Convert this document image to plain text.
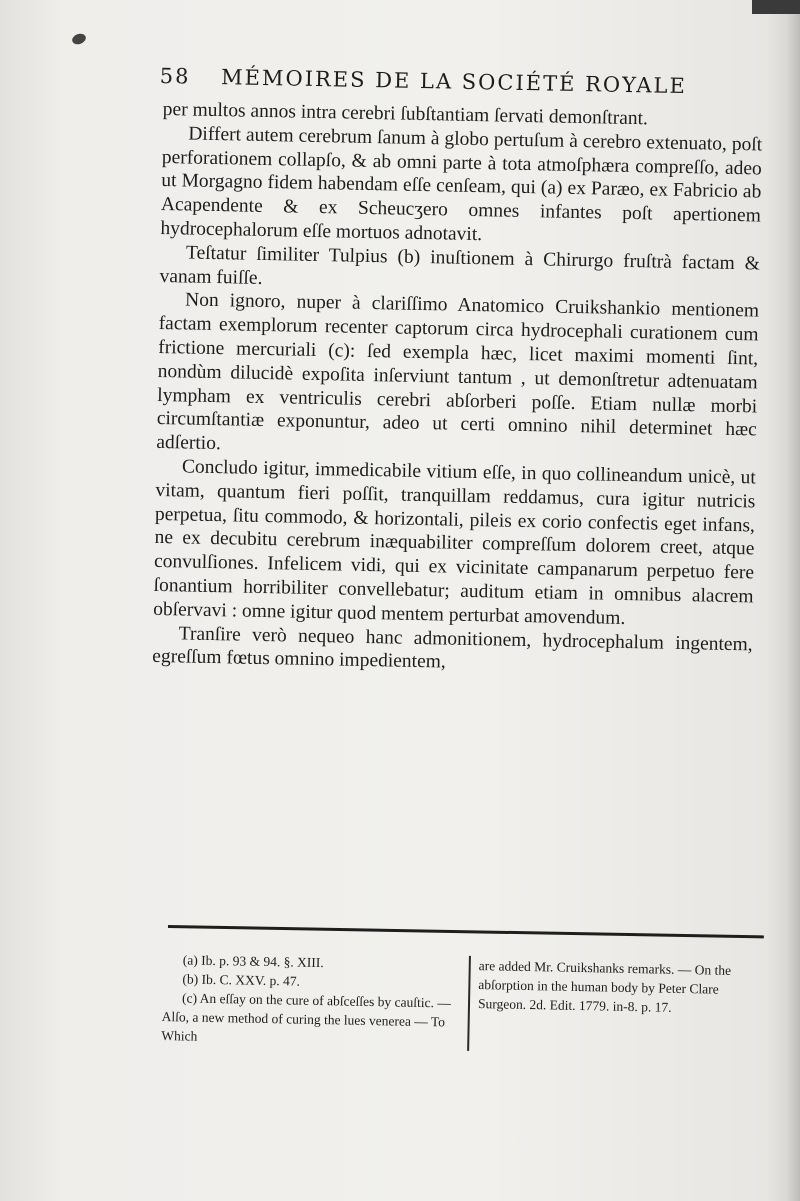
58 MÉMOIRES DE LA SOCIÉTÉ ROYALE

per multos annos intra cerebri ſubſtantiam ſervati demonſtrant.

Differt autem cerebrum ſanum à globo pertuſum à cerebro extenuato, poſt perforationem collapſo, & ab omni parte à tota atmoſphæra compreſſo, adeo ut Morgagno fidem habendam eſſe cenſeam, qui (a) ex Paræo, ex Fabricio ab Acapendente & ex Scheucʒero omnes infantes poſt apertionem hydrocephalorum eſſe mortuos adnotavit.

Teſtatur ſimiliter Tulpius (b) inuſtionem à Chirurgo fruſtrà factam & vanam fuiſſe.

Non ignoro, nuper à clariſſimo Anatomico Cruikshankio mentionem factam exemplorum recenter captorum circa hydrocephali curationem cum frictione mercuriali (c): ſed exempla hæc, licet maximi momenti ſint, nondùm dilucidè expoſita inſerviunt tantum , ut demonſtretur adtenuatam lympham ex ventriculis cerebri abſorberi poſſe. Etiam nullæ morbi circumſtantiæ exponuntur, adeo ut certi omnino nihil determinet hæc adſertio.

Concludo igitur, immedicabile vitium eſſe, in quo collineandum unicè, ut vitam, quantum fieri poſſit, tranquillam reddamus, cura igitur nutricis perpetua, ſitu commodo, & horizontali, pileis ex corio confectis eget infans, ne ex decubitu cerebrum inæquabiliter compreſſum dolorem creet, atque convulſiones. Infelicem vidi, qui ex vicinitate campanarum perpetuo fere ſonantium horribiliter convellebatur; auditum etiam in omnibus alacrem obſervavi : omne igitur quod mentem perturbat amovendum.

Tranſire verò nequeo hanc admonitionem, hydrocephalum ingentem, egreſſum fœtus omnino impedientem,

(a) Ib. p. 93 & 94. §. XIII.

(b) Ib. C. XXV. p. 47.

(c) An eſſay on the cure of abſceſſes by cauſtic. — Alſo, a new method of curing the lues venerea — To Which

are added Mr. Cruikshanks remarks. — On the abſorption in the human body by Peter Clare Surgeon. 2d. Edit. 1779. in-8. p. 17.
